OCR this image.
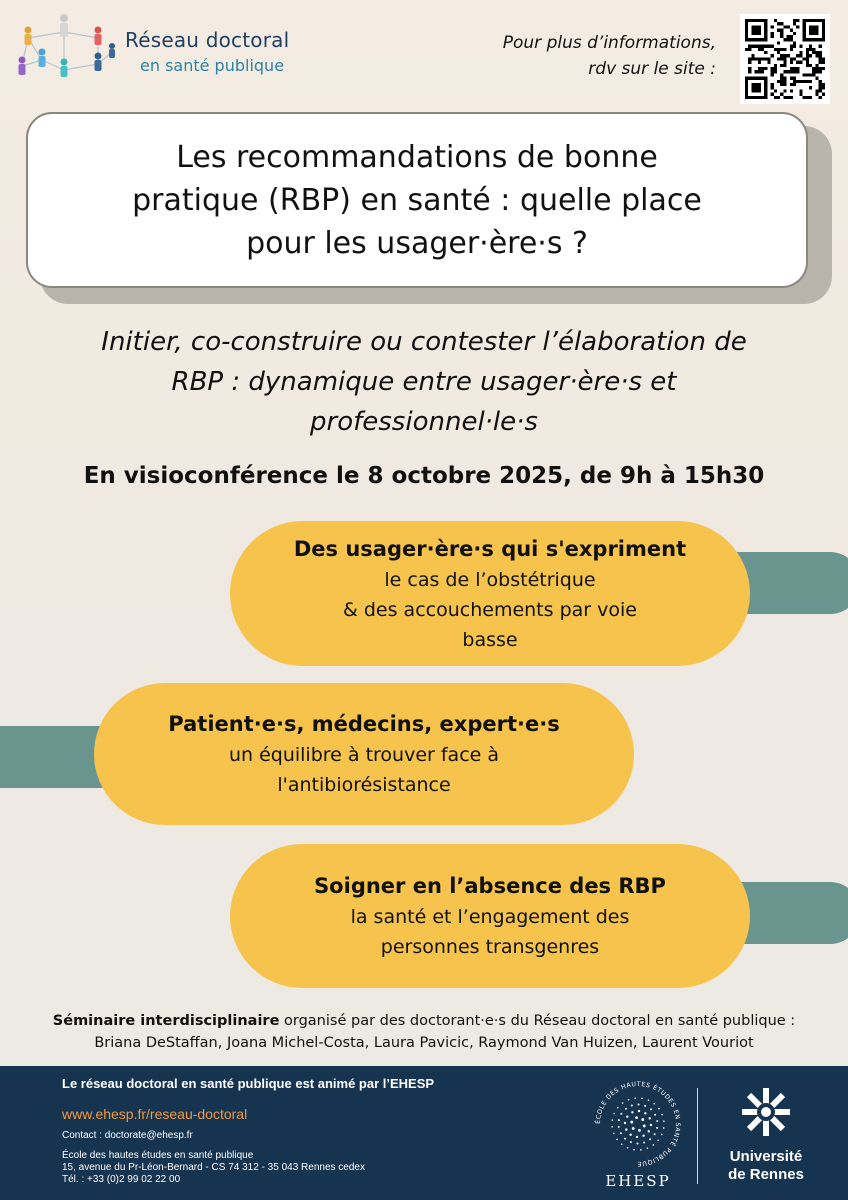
Réseau doctoral
en santé publique
Pour plus d’informations,
rdv sur le site :
Les recommandations de bonne
pratique (RBP) en santé : quelle place
pour les usager·ère·s ?
Initier, co-construire ou contester l’élaboration de
RBP : dynamique entre usager·ère·s et
professionnel·le·s
En visioconférence le 8 octobre 2025, de 9h à 15h30
Des usager·ère·s qui s'expriment
le cas de l’obstétrique
& des accouchements par voie
basse
Patient·e·s, médecins, expert·e·s
un équilibre à trouver face à
l'antibiorésistance
Soigner en l’absence des RBP
la santé et l’engagement des
personnes transgenres
Séminaire interdisciplinaire organisé par des doctorant·e·s du Réseau doctoral en santé publique :
Briana DeStaffan, Joana Michel-Costa, Laura Pavicic, Raymond Van Huizen, Laurent Vouriot
Le réseau doctoral en santé publique est animé par l’EHESP
www.ehesp.fr/reseau-doctoral
Contact : doctorate@ehesp.fr
École des hautes études en santé publique
15, avenue du Pr-Léon-Bernard - CS 74 312 - 35 043 Rennes cedex
Tél. : +33 (0)2 99 02 22 00
ÉCOLE DES HAUTES ÉTUDES EN SANTÉ PUBLIQUE
EHESP
Université
de Rennes
